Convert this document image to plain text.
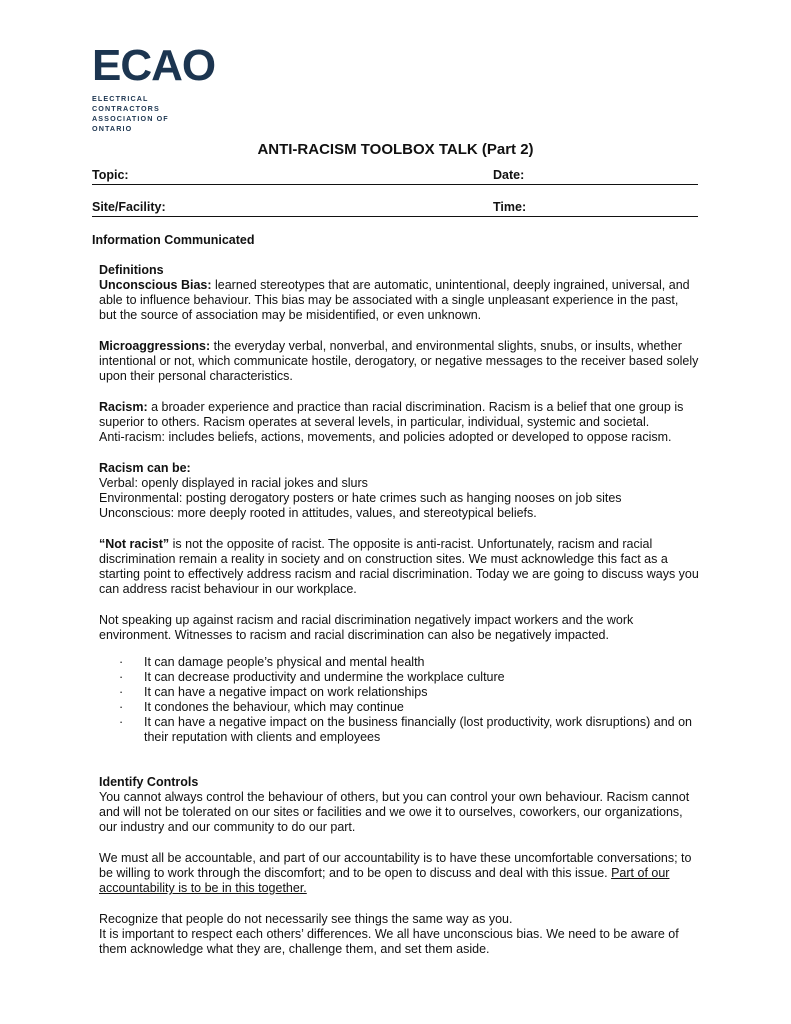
ECAO
ELECTRICAL
CONTRACTORS
ASSOCIATION OF
ONTARIO
ANTI-RACISM TOOLBOX TALK (Part 2)
Topic:	Date:
Site/Facility:	Time:
Information Communicated

Definitions

Unconscious Bias: learned stereotypes that are automatic, unintentional, deeply ingrained, universal, and able to influence behaviour. This bias may be associated with a single unpleasant experience in the past, but the source of association may be misidentified, or even unknown.

Microaggressions: the everyday verbal, nonverbal, and environmental slights, snubs, or insults, whether intentional or not, which communicate hostile, derogatory, or negative messages to the receiver based solely upon their personal characteristics.

Racism: a broader experience and practice than racial discrimination. Racism is a belief that one group is superior to others. Racism operates at several levels, in particular, individual, systemic and societal.
Anti-racism: includes beliefs, actions, movements, and policies adopted or developed to oppose racism.

Racism can be:
Verbal: openly displayed in racial jokes and slurs
Environmental: posting derogatory posters or hate crimes such as hanging nooses on job sites
Unconscious: more deeply rooted in attitudes, values, and stereotypical beliefs.

“Not racist” is not the opposite of racist. The opposite is anti-racist. Unfortunately, racism and racial discrimination remain a reality in society and on construction sites. We must acknowledge this fact as a starting point to effectively address racism and racial discrimination. Today we are going to discuss ways you can address racist behaviour in our workplace.

Not speaking up against racism and racial discrimination negatively impact workers and the work environment. Witnesses to racism and racial discrimination can also be negatively impacted.

· It can damage people’s physical and mental health
· It can decrease productivity and undermine the workplace culture
· It can have a negative impact on work relationships
· It condones the behaviour, which may continue
· It can have a negative impact on the business financially (lost productivity, work disruptions) and on their reputation with clients and employees

Identify Controls
You cannot always control the behaviour of others, but you can control your own behaviour. Racism cannot and will not be tolerated on our sites or facilities and we owe it to ourselves, coworkers, our organizations, our industry and our community to do our part.

We must all be accountable, and part of our accountability is to have these uncomfortable conversations; to be willing to work through the discomfort; and to be open to discuss and deal with this issue. Part of our accountability is to be in this together.

Recognize that people do not necessarily see things the same way as you.
It is important to respect each others’ differences. We all have unconscious bias. We need to be aware of them acknowledge what they are, challenge them, and set them aside.
